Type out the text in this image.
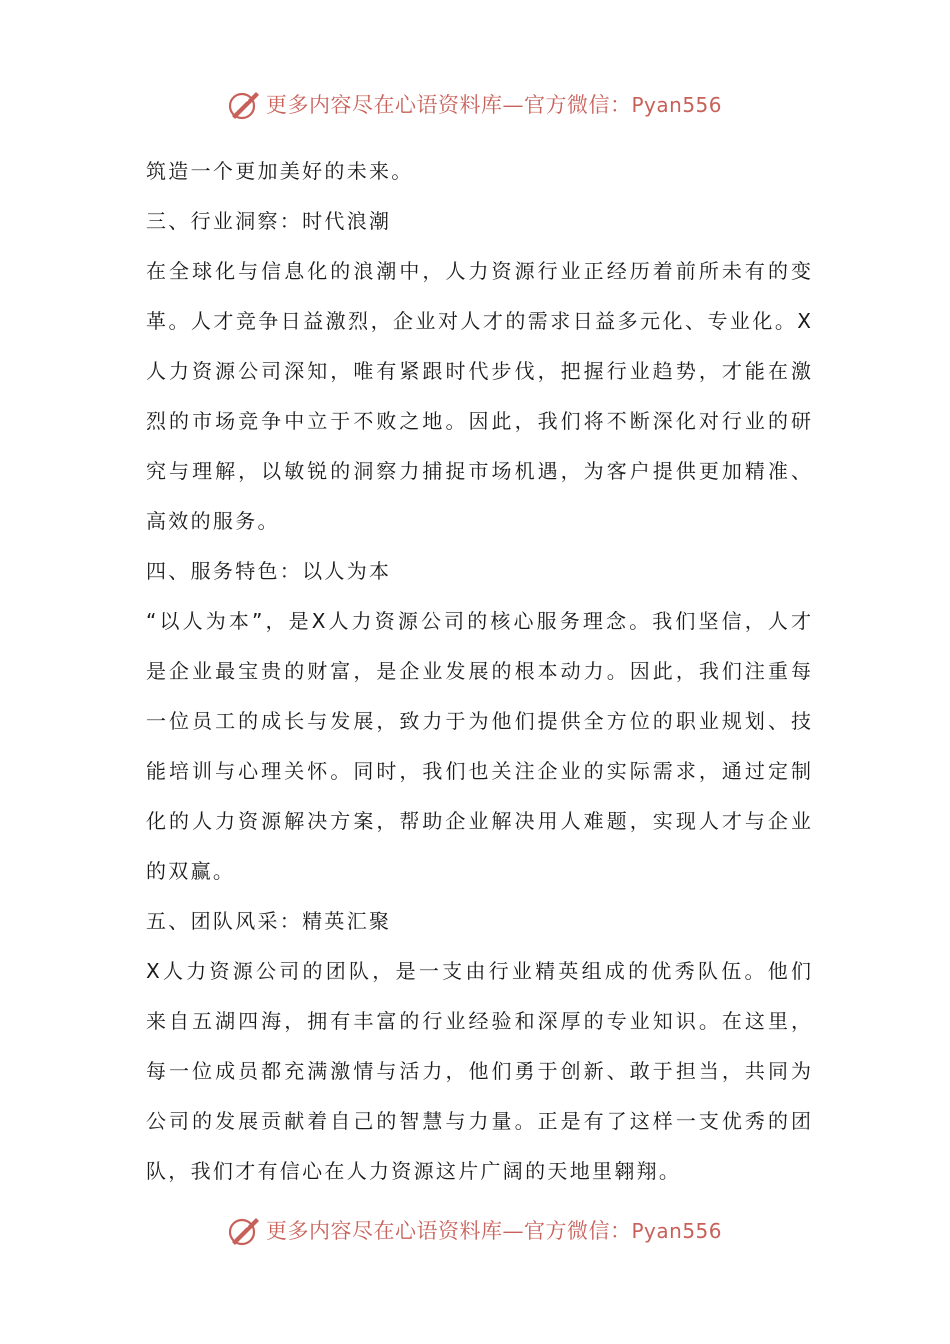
更多内容尽在心语资料库—官方微信：Pyan556
筑造一个更加美好的未来。
三、行业洞察：时代浪潮
在全球化与信息化的浪潮中，人力资源行业正经历着前所未有的变
革。人才竞争日益激烈，企业对人才的需求日益多元化、专业化。X
人力资源公司深知，唯有紧跟时代步伐，把握行业趋势，才能在激
烈的市场竞争中立于不败之地。因此，我们将不断深化对行业的研
究与理解，以敏锐的洞察力捕捉市场机遇，为客户提供更加精准、
高效的服务。
四、服务特色：以人为本
“以人为本”，是X人力资源公司的核心服务理念。我们坚信，人才
是企业最宝贵的财富，是企业发展的根本动力。因此，我们注重每
一位员工的成长与发展，致力于为他们提供全方位的职业规划、技
能培训与心理关怀。同时，我们也关注企业的实际需求，通过定制
化的人力资源解决方案，帮助企业解决用人难题，实现人才与企业
的双赢。
五、团队风采：精英汇聚
X人力资源公司的团队，是一支由行业精英组成的优秀队伍。他们
来自五湖四海，拥有丰富的行业经验和深厚的专业知识。在这里，
每一位成员都充满激情与活力，他们勇于创新、敢于担当，共同为
公司的发展贡献着自己的智慧与力量。正是有了这样一支优秀的团
队，我们才有信心在人力资源这片广阔的天地里翱翔。
更多内容尽在心语资料库—官方微信：Pyan556
